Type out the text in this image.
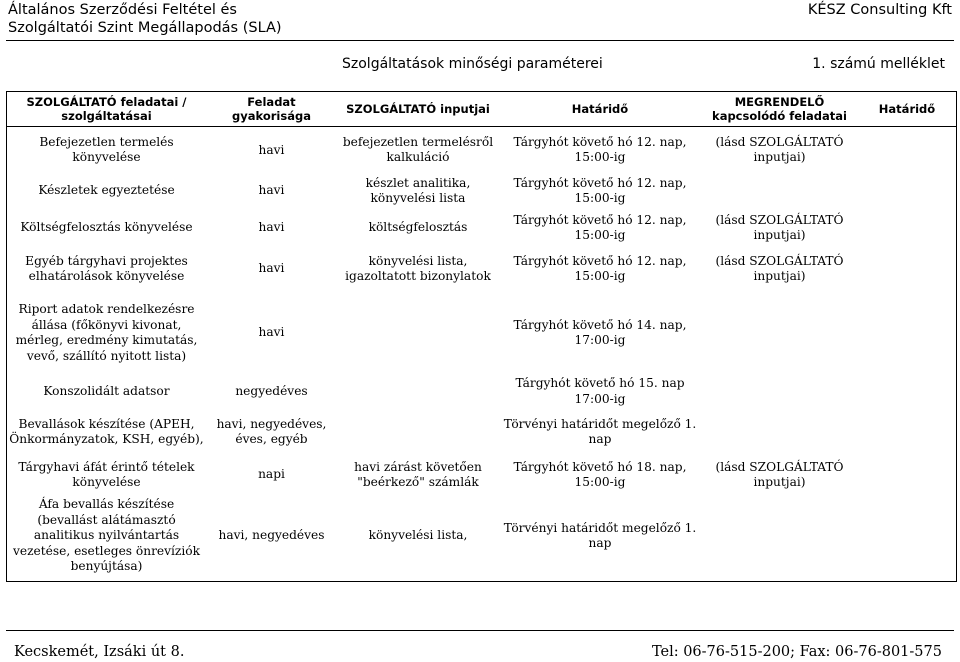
Általános Szerződési Feltétel és
Szolgáltatói Szint Megállapodás (SLA)
KÉSZ Consulting Kft
Szolgáltatások minőségi paraméterei	1. számú melléklet
SZOLGÁLTATÓ feladatai / szolgáltatásai	Feladat gyakorisága	SZOLGÁLTATÓ inputjai	Határidő	MEGRENDELŐ kapcsolódó feladatai	Határidő
Befejezetlen termelés könyvelése	havi	befejezetlen termelésről kalkuláció	Tárgyhót követő hó 12. nap, 15:00-ig	(lásd SZOLGÁLTATÓ inputjai)	
Készletek egyeztetése	havi	készlet analitika, könyvelési lista	Tárgyhót követő hó 12. nap, 15:00-ig		
Költségfelosztás könyvelése	havi	költségfelosztás	Tárgyhót követő hó 12. nap, 15:00-ig	(lásd SZOLGÁLTATÓ inputjai)	
Egyéb tárgyhavi projektes elhatárolások könyvelése	havi	könyvelési lista, igazoltatott bizonylatok	Tárgyhót követő hó 12. nap, 15:00-ig	(lásd SZOLGÁLTATÓ inputjai)	
Riport adatok rendelkezésre állása (főkönyvi kivonat, mérleg, eredmény kimutatás, vevő, szállító nyitott lista)	havi		Tárgyhót követő hó 14. nap, 17:00-ig		
Konszolidált adatsor	negyedéves		Tárgyhót követő hó 15. nap 17:00-ig		
Bevallások készítése (APEH, Önkormányzatok, KSH, egyéb),	havi, negyedéves, éves, egyéb		Törvényi határidőt megelőző 1. nap		
Tárgyhavi áfát érintő tételek könyvelése	napi	havi zárást követően "beérkező" számlák	Tárgyhót követő hó 18. nap, 15:00-ig	(lásd SZOLGÁLTATÓ inputjai)	
Áfa bevallás készítése (bevallást alátámasztó analitikus nyilvántartás vezetése, esetleges önrevíziók benyújtása)	havi, negyedéves	könyvelési lista,	Törvényi határidőt megelőző 1. nap		
Kecskemét, Izsáki út 8.	Tel: 06-76-515-200; Fax: 06-76-801-575
